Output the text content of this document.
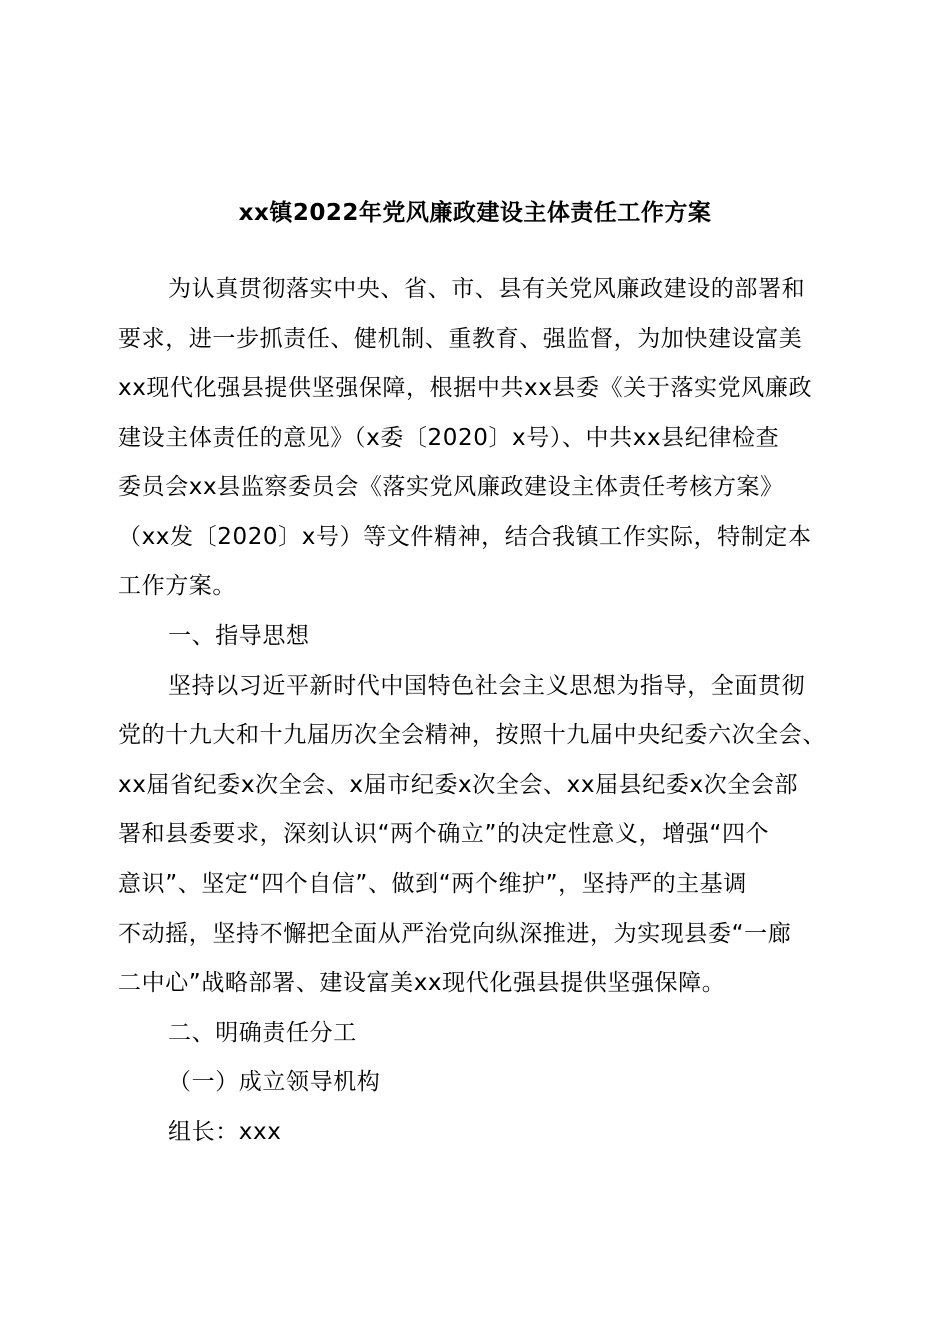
xx镇2022年党风廉政建设主体责任工作方案
为认真贯彻落实中央、省、市、县有关党风廉政建设的部署和
要求，进一步抓责任、健机制、重教育、强监督，为加快建设富美
xx现代化强县提供坚强保障，根据中共xx县委《关于落实党风廉政
建设主体责任的意见》（x委〔2020〕x号）、中共xx县纪律检查
委员会xx县监察委员会《落实党风廉政建设主体责任考核方案》
（xx发〔2020〕x号）等文件精神，结合我镇工作实际，特制定本
工作方案。
一、指导思想
坚持以习近平新时代中国特色社会主义思想为指导，全面贯彻
党的十九大和十九届历次全会精神，按照十九届中央纪委六次全会、
xx届省纪委x次全会、x届市纪委x次全会、xx届县纪委x次全会部
署和县委要求，深刻认识“两个确立”的决定性意义，增强“四个
意识”、坚定“四个自信”、做到“两个维护”，坚持严的主基调
不动摇，坚持不懈把全面从严治党向纵深推进，为实现县委“一廊
二中心”战略部署、建设富美xx现代化强县提供坚强保障。
二、明确责任分工
（一）成立领导机构
组长：xxx
